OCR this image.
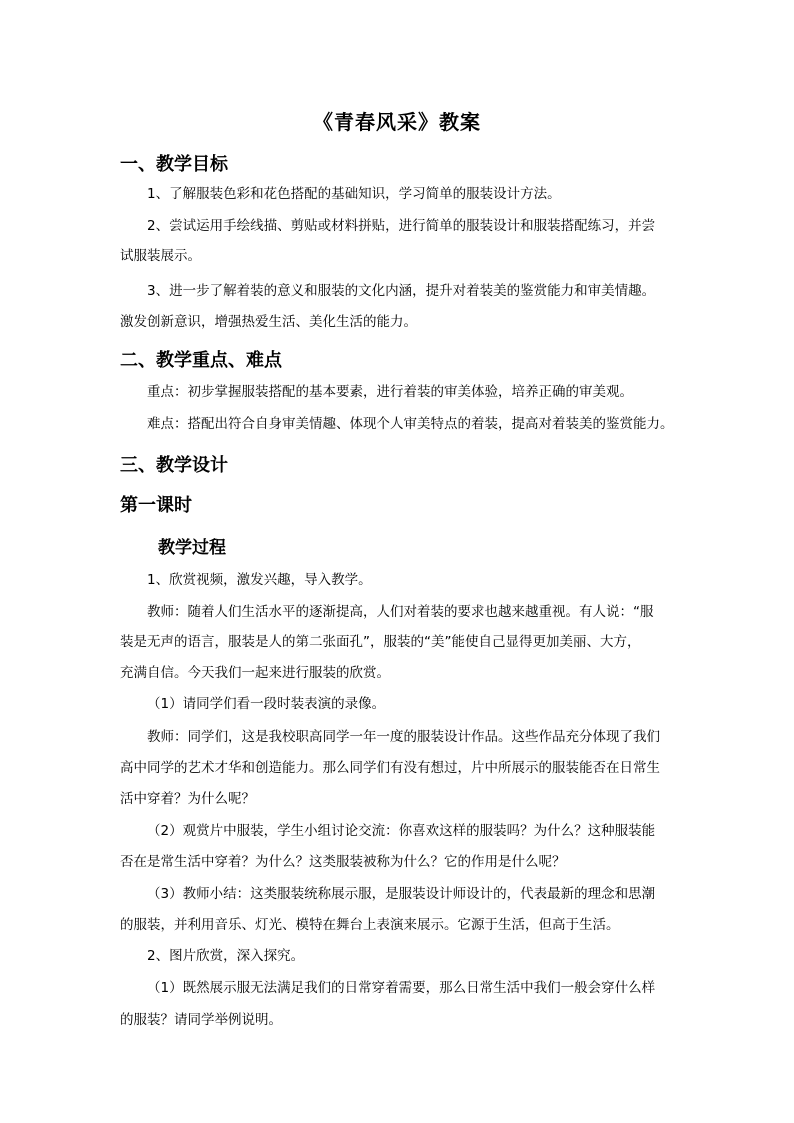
《青春风采》教案
一、教学目标
1、了解服装色彩和花色搭配的基础知识，学习简单的服装设计方法。
2、尝试运用手绘线描、剪贴或材料拼贴，进行简单的服装设计和服装搭配练习，并尝
试服装展示。
3、进一步了解着装的意义和服装的文化内涵，提升对着装美的鉴赏能力和审美情趣。
激发创新意识，增强热爱生活、美化生活的能力。
二、教学重点、难点
重点：初步掌握服装搭配的基本要素，进行着装的审美体验，培养正确的审美观。
难点：搭配出符合自身审美情趣、体现个人审美特点的着装，提高对着装美的鉴赏能力。
三、教学设计
第一课时
教学过程
1、欣赏视频，激发兴趣，导入教学。
教师：随着人们生活水平的逐渐提高，人们对着装的要求也越来越重视。有人说：“服
装是无声的语言，服装是人的第二张面孔”，服装的“美”能使自己显得更加美丽、大方，
充满自信。今天我们一起来进行服装的欣赏。
（1）请同学们看一段时装表演的录像。
教师：同学们，这是我校职高同学一年一度的服装设计作品。这些作品充分体现了我们
高中同学的艺术才华和创造能力。那么同学们有没有想过，片中所展示的服装能否在日常生
活中穿着？为什么呢？
（2）观赏片中服装，学生小组讨论交流：你喜欢这样的服装吗？为什么？这种服装能
否在是常生活中穿着？为什么？这类服装被称为什么？它的作用是什么呢？
（3）教师小结：这类服装统称展示服，是服装设计师设计的，代表最新的理念和思潮
的服装，并利用音乐、灯光、模特在舞台上表演来展示。它源于生活，但高于生活。
2、图片欣赏，深入探究。
（1）既然展示服无法满足我们的日常穿着需要，那么日常生活中我们一般会穿什么样
的服装？请同学举例说明。
